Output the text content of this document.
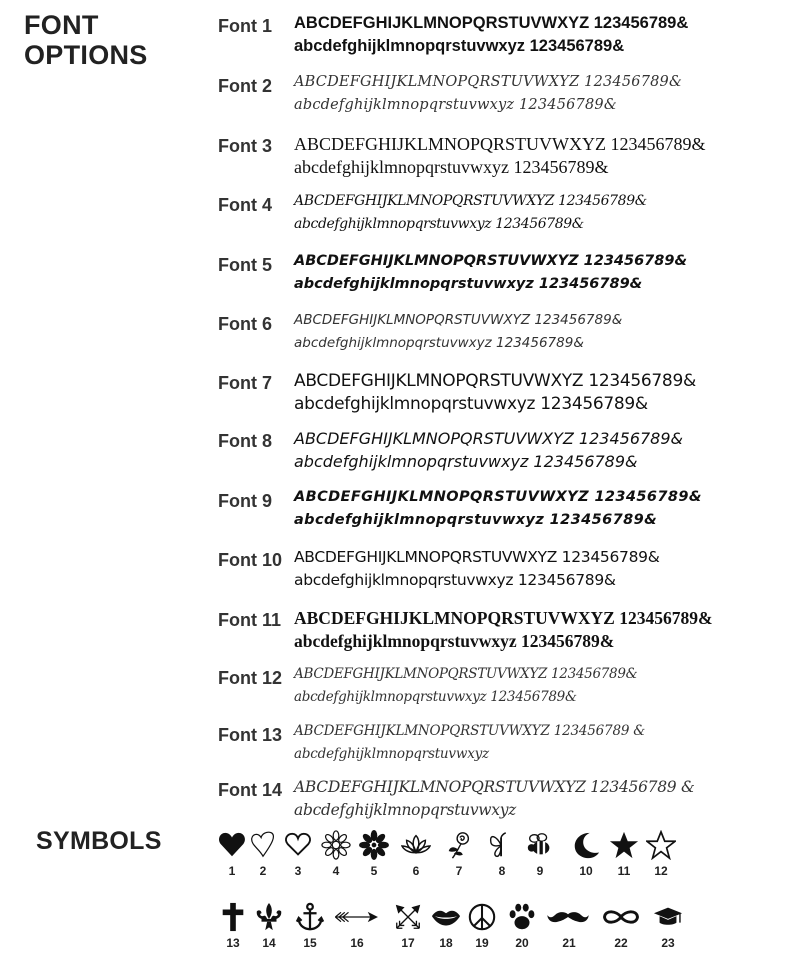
FONT
OPTIONS
Font 1 ABCDEFGHIJKLMNOPQRSTUVWXYZ 123456789&
abcdefghijklmnopqrstuvwxyz 123456789&
Font 2 ABCDEFGHIJKLMNOPQRSTUVWXYZ 123456789&
abcdefghijklmnopqrstuvwxyz 123456789&
Font 3 ABCDEFGHIJKLMNOPQRSTUVWXYZ 123456789&
abcdefghijklmnopqrstuvwxyz 123456789&
Font 4 ABCDEFGHIJKLMNOPQRSTUVWXYZ 123456789&
abcdefghijklmnopqrstuvwxyz 123456789&
Font 5 ABCDEFGHIJKLMNOPQRSTUVWXYZ 123456789&
abcdefghijklmnopqrstuvwxyz 123456789&
Font 6 ABCDEFGHIJKLMNOPQRSTUVWXYZ 123456789&
abcdefghijklmnopqrstuvwxyz 123456789&
Font 7 ABCDEFGHIJKLMNOPQRSTUVWXYZ 123456789&
abcdefghijklmnopqrstuvwxyz 123456789&
Font 8 ABCDEFGHIJKLMNOPQRSTUVWXYZ 123456789&
abcdefghijklmnopqrstuvwxyz 123456789&
Font 9 ABCDEFGHIJKLMNOPQRSTUVWXYZ 123456789&
abcdefghijklmnopqrstuvwxyz 123456789&
Font 10 ABCDEFGHIJKLMNOPQRSTUVWXYZ 123456789&
abcdefghijklmnopqrstuvwxyz 123456789&
Font 11 ABCDEFGHIJKLMNOPQRSTUVWXYZ 123456789&
abcdefghijklmnopqrstuvwxyz 123456789&
Font 12 ABCDEFGHIJKLMNOPQRSTUVWXYZ 123456789&
abcdefghijklmnopqrstuvwxyz 123456789&
Font 13 ABCDEFGHIJKLMNOPQRSTUVWXYZ 123456789 &
abcdefghijklmnopqrstuvwxyz
Font 14 ABCDEFGHIJKLMNOPQRSTUVWXYZ 123456789 &
abcdefghijklmnopqrstuvwxyz
SYMBOLS
1	2	3	4	5	6	7	8	9	10	11	12
13	14	15	16	17	18	19	20	21	22	23
